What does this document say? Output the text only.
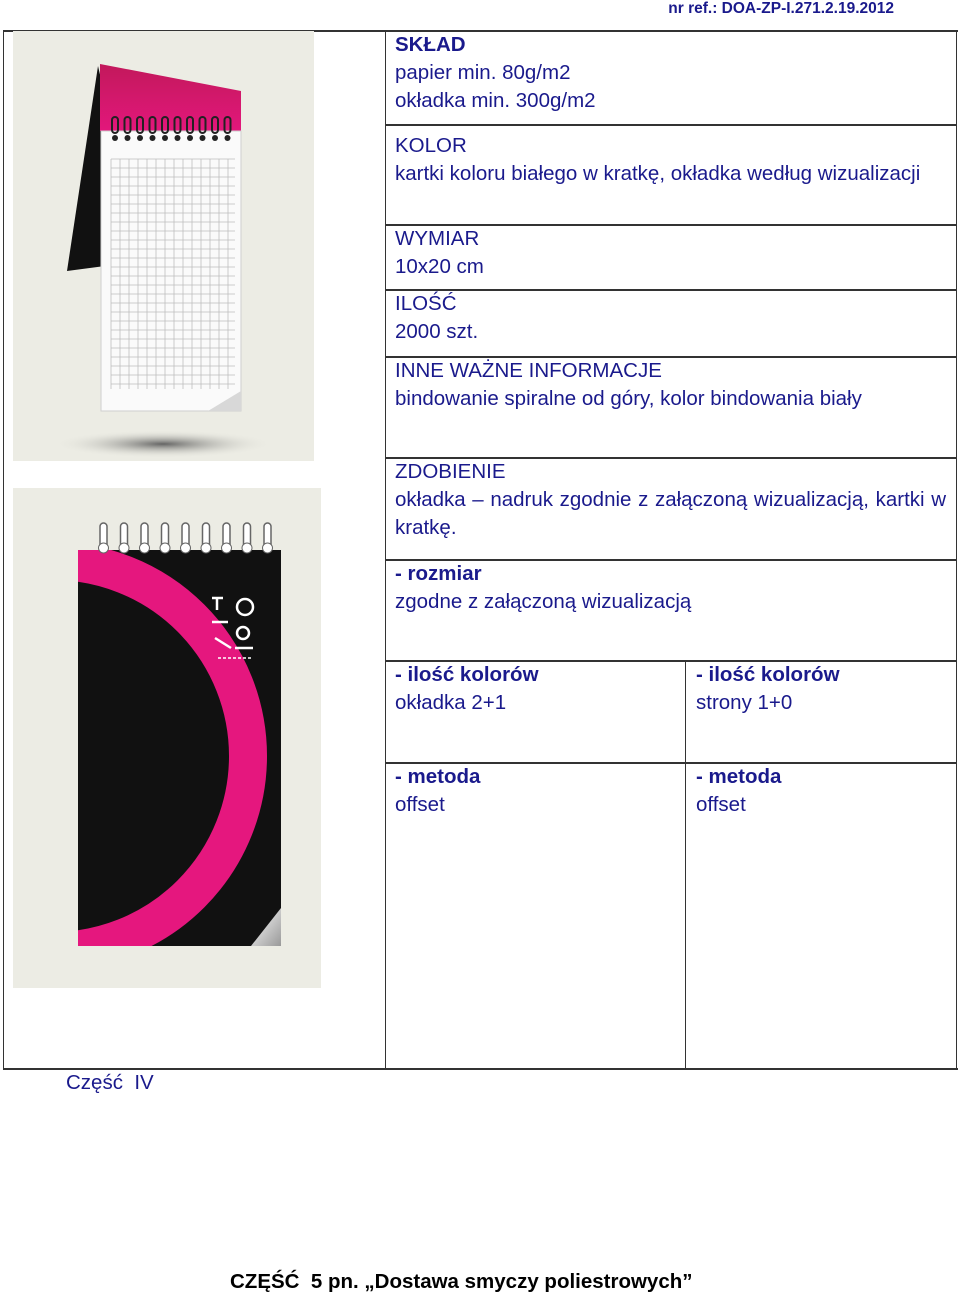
nr ref.: DOA-ZP-I.271.2.19.2012

SKŁAD

papier min. 80g/m2

okładka min. 300g/m2

KOLOR

kartki koloru białego w kratkę, okładka według wizualizacji

WYMIAR

10x20 cm

ILOŚĆ

2000 szt.

INNE WAŻNE INFORMACJE

bindowanie spiralne od góry, kolor bindowania biały

ZDOBIENIE

okładka – nadruk zgodnie z załączoną wizualizacją, kartki w kratkę.

- rozmiar

zgodne z załączoną wizualizacją

- ilość kolorów

okładka 2+1

- ilość kolorów

strony 1+0

- metoda

offset

- metoda

offset

Część  IV
CZĘŚĆ  5 pn. „Dostawa smyczy poliestrowych”
